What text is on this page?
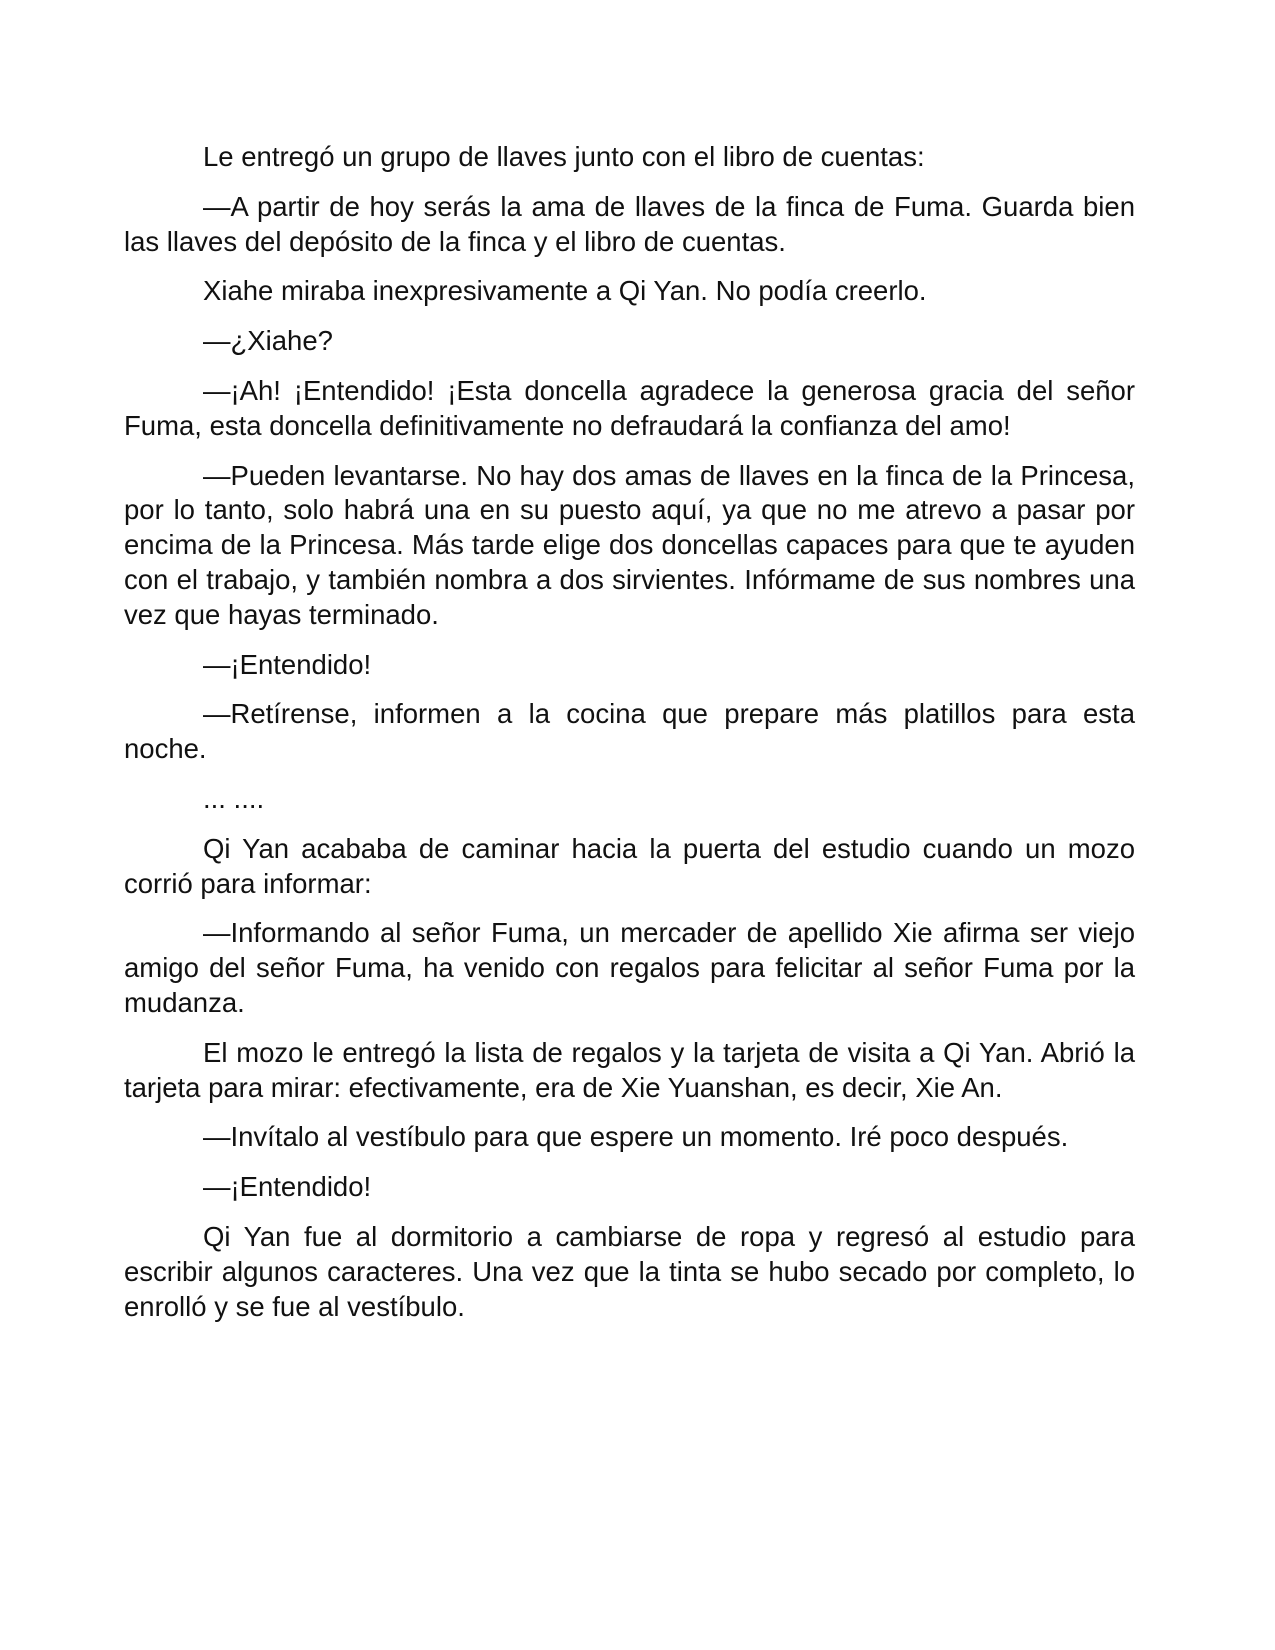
Le entregó un grupo de llaves junto con el libro de cuentas:

—A partir de hoy serás la ama de llaves de la finca de Fuma. Guarda bien las llaves del depósito de la finca y el libro de cuentas.

Xiahe miraba inexpresivamente a Qi Yan. No podía creerlo.

—¿Xiahe?

—¡Ah! ¡Entendido! ¡Esta doncella agradece la generosa gracia del señor Fuma, esta doncella definitivamente no defraudará la confianza del amo!

—Pueden levantarse. No hay dos amas de llaves en la finca de la Princesa, por lo tanto, solo habrá una en su puesto aquí, ya que no me atrevo a pasar por encima de la Princesa. Más tarde elige dos doncellas capaces para que te ayuden con el trabajo, y también nombra a dos sirvientes. Infórmame de sus nombres una vez que hayas terminado.

—¡Entendido!

—Retírense, informen a la cocina que prepare más platillos para esta noche.

... ....

Qi Yan acababa de caminar hacia la puerta del estudio cuando un mozo corrió para informar:

—Informando al señor Fuma, un mercader de apellido Xie afirma ser viejo amigo del señor Fuma, ha venido con regalos para felicitar al señor Fuma por la mudanza.

El mozo le entregó la lista de regalos y la tarjeta de visita a Qi Yan. Abrió la tarjeta para mirar: efectivamente, era de Xie Yuanshan, es decir, Xie An.

—Invítalo al vestíbulo para que espere un momento. Iré poco después.

—¡Entendido!

Qi Yan fue al dormitorio a cambiarse de ropa y regresó al estudio para escribir algunos caracteres. Una vez que la tinta se hubo secado por completo, lo enrolló y se fue al vestíbulo.
